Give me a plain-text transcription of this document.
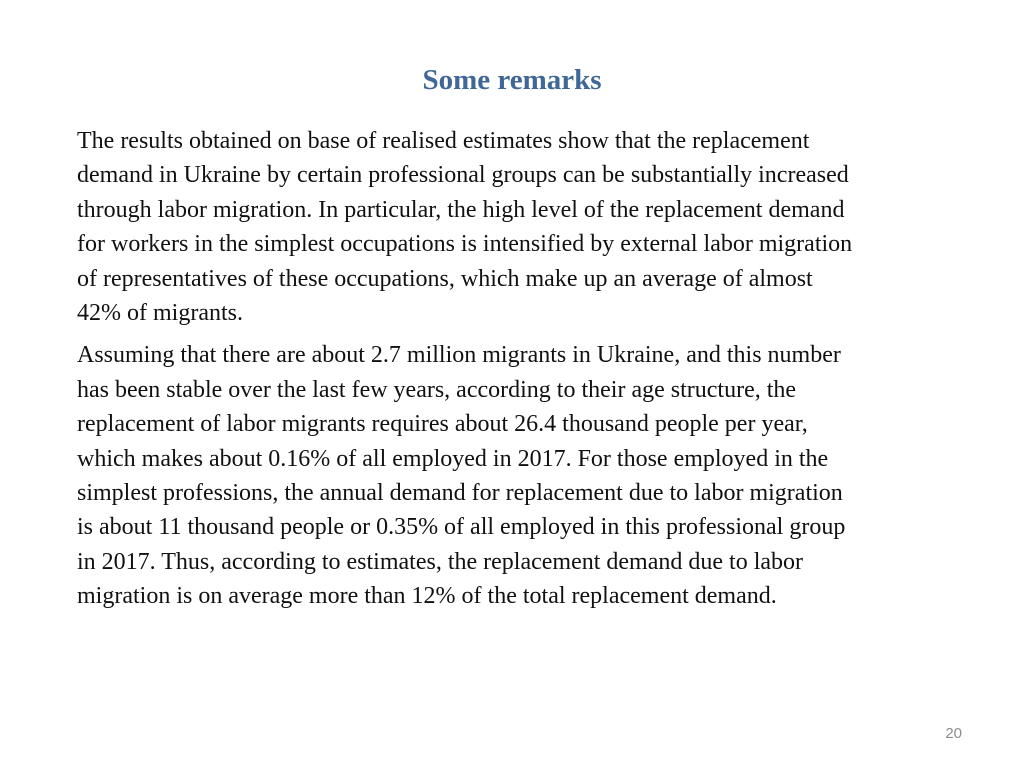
Some remarks

The results obtained on base of realised estimates show that the replacement
demand in Ukraine by certain professional groups can be substantially increased
through labor migration. In particular, the high level of the replacement demand
for workers in the simplest occupations is intensified by external labor migration
of representatives of these occupations, which make up an average of almost
42% of migrants.

Assuming that there are about 2.7 million migrants in Ukraine, and this number
has been stable over the last few years, according to their age structure, the
replacement of labor migrants requires about 26.4 thousand people per year,
which makes about 0.16% of all employed in 2017. For those employed in the
simplest professions, the annual demand for replacement due to labor migration
is about 11 thousand people or 0.35% of all employed in this professional group
in 2017. Thus, according to estimates, the replacement demand due to labor
migration is on average more than 12% of the total replacement demand.

20
